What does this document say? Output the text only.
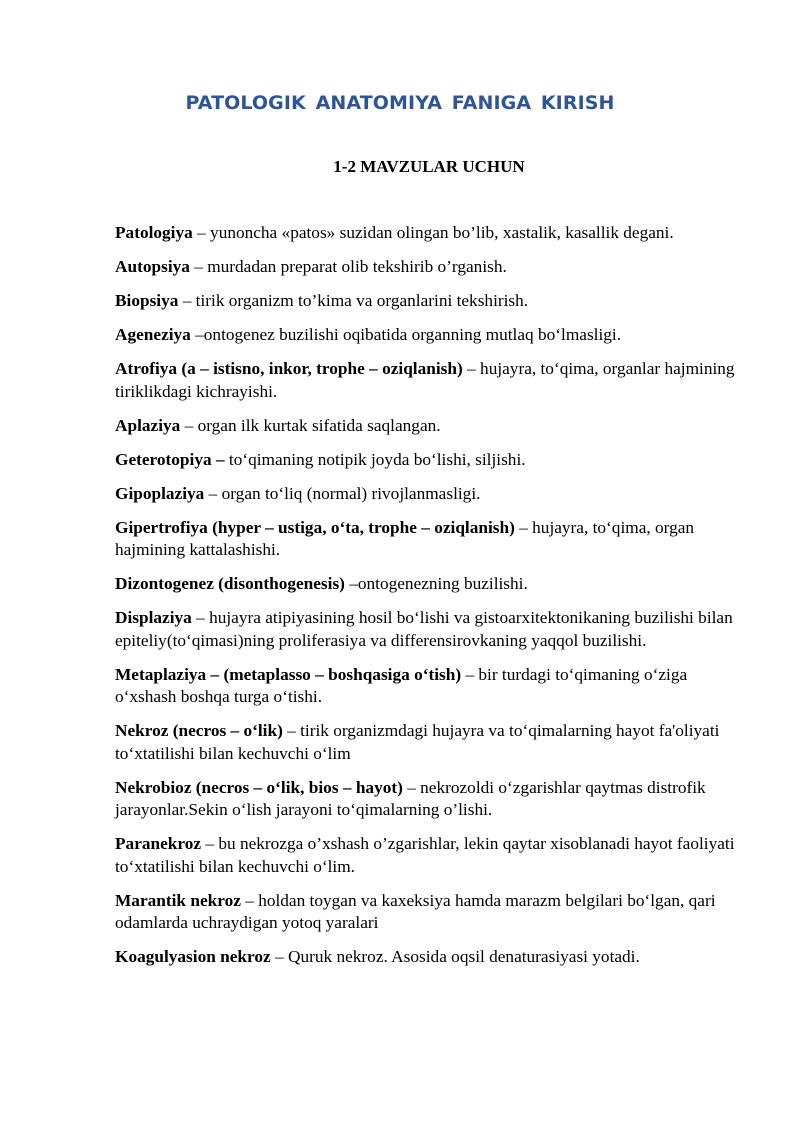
PATOLOGIK ANATOMIYA FANIGA KIRISH
1-2 MAVZULAR UCHUN

Patologiya – yunoncha «patos» suzidan olingan bo’lib, xastalik, kasallik degani.

Autopsiya – murdadan preparat olib tekshirib o’rganish.

Biopsiya – tirik organizm to’kima va organlarini tekshirish.

Ageneziya –ontogenez buzilishi oqibatida organning mutlaq bo‘lmasligi.

Atrofiya (a – istisno, inkor, trophe – oziqlanish) – hujayra, to‘qima, organlar hajmining tiriklikdagi kichrayishi.

Aplaziya – organ ilk kurtak sifatida saqlangan.

Geterotopiya – to‘qimaning notipik joyda bo‘lishi, siljishi.

Gipoplaziya – organ to‘liq (normal) rivojlanmasligi.

Gipertrofiya (hyper – ustiga, o‘ta, trophe – oziqlanish) – hujayra, to‘qima, organ hajmining kattalashishi.

Dizontogenez (disonthogenesis) –ontogenezning buzilishi.

Displaziya – hujayra atipiyasining hosil bo‘lishi va gistoarxitektonikaning buzilishi bilan epiteliy(to‘qimasi)ning proliferasiya va differensirovkaning yaqqol buzilishi.

Metaplaziya – (metaplasso – boshqasiga o‘tish) – bir turdagi to‘qimaning o‘ziga o‘xshash boshqa turga o‘tishi.

Nekroz (necros – o‘lik) – tirik organizmdagi hujayra va to‘qimalarning hayot fa'oliyati to‘xtatilishi bilan kechuvchi o‘lim

Nekrobioz (necros – o‘lik, bios – hayot) – nekrozoldi o‘zgarishlar qaytmas distrofik jarayonlar.Sekin o‘lish jarayoni to‘qimalarning o’lishi.

Paranekroz – bu nekrozga o’xshash o’zgarishlar, lekin qaytar xisoblanadi hayot faoliyati to‘xtatilishi bilan kechuvchi o‘lim.

Marantik nekroz – holdan toygan va kaxeksiya hamda marazm belgilari bo‘lgan, qari odamlarda uchraydigan yotoq yaralari

Koagulyasion nekroz – Quruk nekroz. Asosida oqsil denaturasiyasi yotadi.
